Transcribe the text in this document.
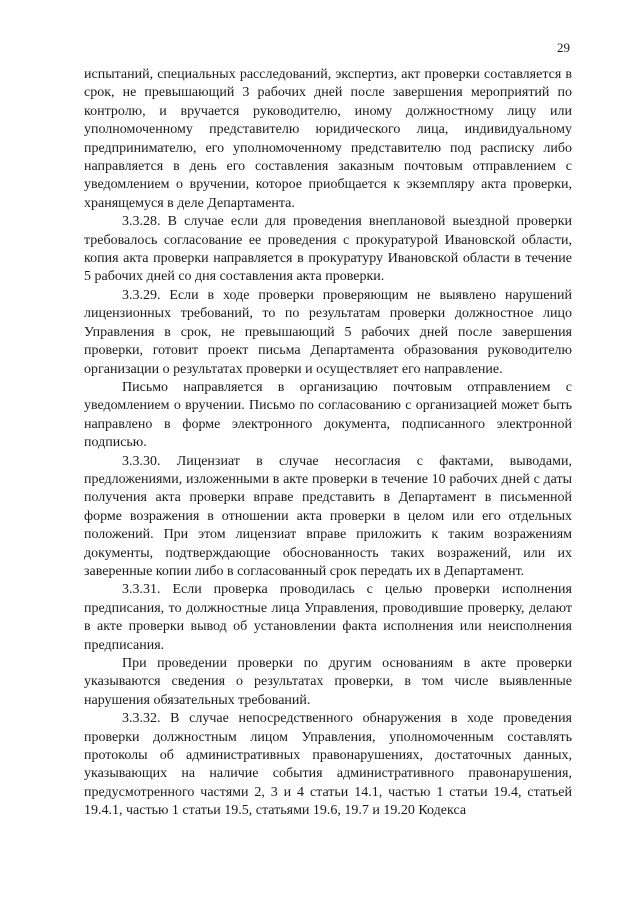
29

испытаний, специальных расследований, экспертиз, акт проверки составляется в срок, не превышающий 3 рабочих дней после завершения мероприятий по контролю, и вручается руководителю, иному должностному лицу или уполномоченному представителю юридического лица, индивидуальному предпринимателю, его уполномоченному представителю под расписку либо направляется в день его составления заказным почтовым отправлением с уведомлением о вручении, которое приобщается к экземпляру акта проверки, хранящемуся в деле Департамента.

3.3.28. В случае если для проведения внеплановой выездной проверки требовалось согласование ее проведения с прокуратурой Ивановской области, копия акта проверки направляется в прокуратуру Ивановской области в течение 5 рабочих дней со дня составления акта проверки.

3.3.29. Если в ходе проверки проверяющим не выявлено нарушений лицензионных требований, то по результатам проверки должностное лицо Управления в срок, не превышающий 5 рабочих дней после завершения проверки, готовит проект письма Департамента образования руководителю организации о результатах проверки и осуществляет его направление.

Письмо направляется в организацию почтовым отправлением с уведомлением о вручении. Письмо по согласованию с организацией может быть направлено в форме электронного документа, подписанного электронной подписью.

3.3.30. Лицензиат в случае несогласия с фактами, выводами, предложениями, изложенными в акте проверки в течение 10 рабочих дней с даты получения акта проверки вправе представить в Департамент в письменной форме возражения в отношении акта проверки в целом или его отдельных положений. При этом лицензиат вправе приложить к таким возражениям документы, подтверждающие обоснованность таких возражений, или их заверенные копии либо в согласованный срок передать их в Департамент.

3.3.31. Если проверка проводилась с целью проверки исполнения предписания, то должностные лица Управления, проводившие проверку, делают в акте проверки вывод об установлении факта исполнения или неисполнения предписания.

При проведении проверки по другим основаниям в акте проверки указываются сведения о результатах проверки, в том числе выявленные нарушения обязательных требований.

3.3.32. В случае непосредственного обнаружения в ходе проведения проверки должностным лицом Управления, уполномоченным составлять протоколы об административных правонарушениях, достаточных данных, указывающих на наличие события административного правонарушения, предусмотренного частями 2, 3 и 4 статьи 14.1, частью 1 статьи 19.4, статьей 19.4.1, частью 1 статьи 19.5, статьями 19.6, 19.7 и 19.20 Кодекса
